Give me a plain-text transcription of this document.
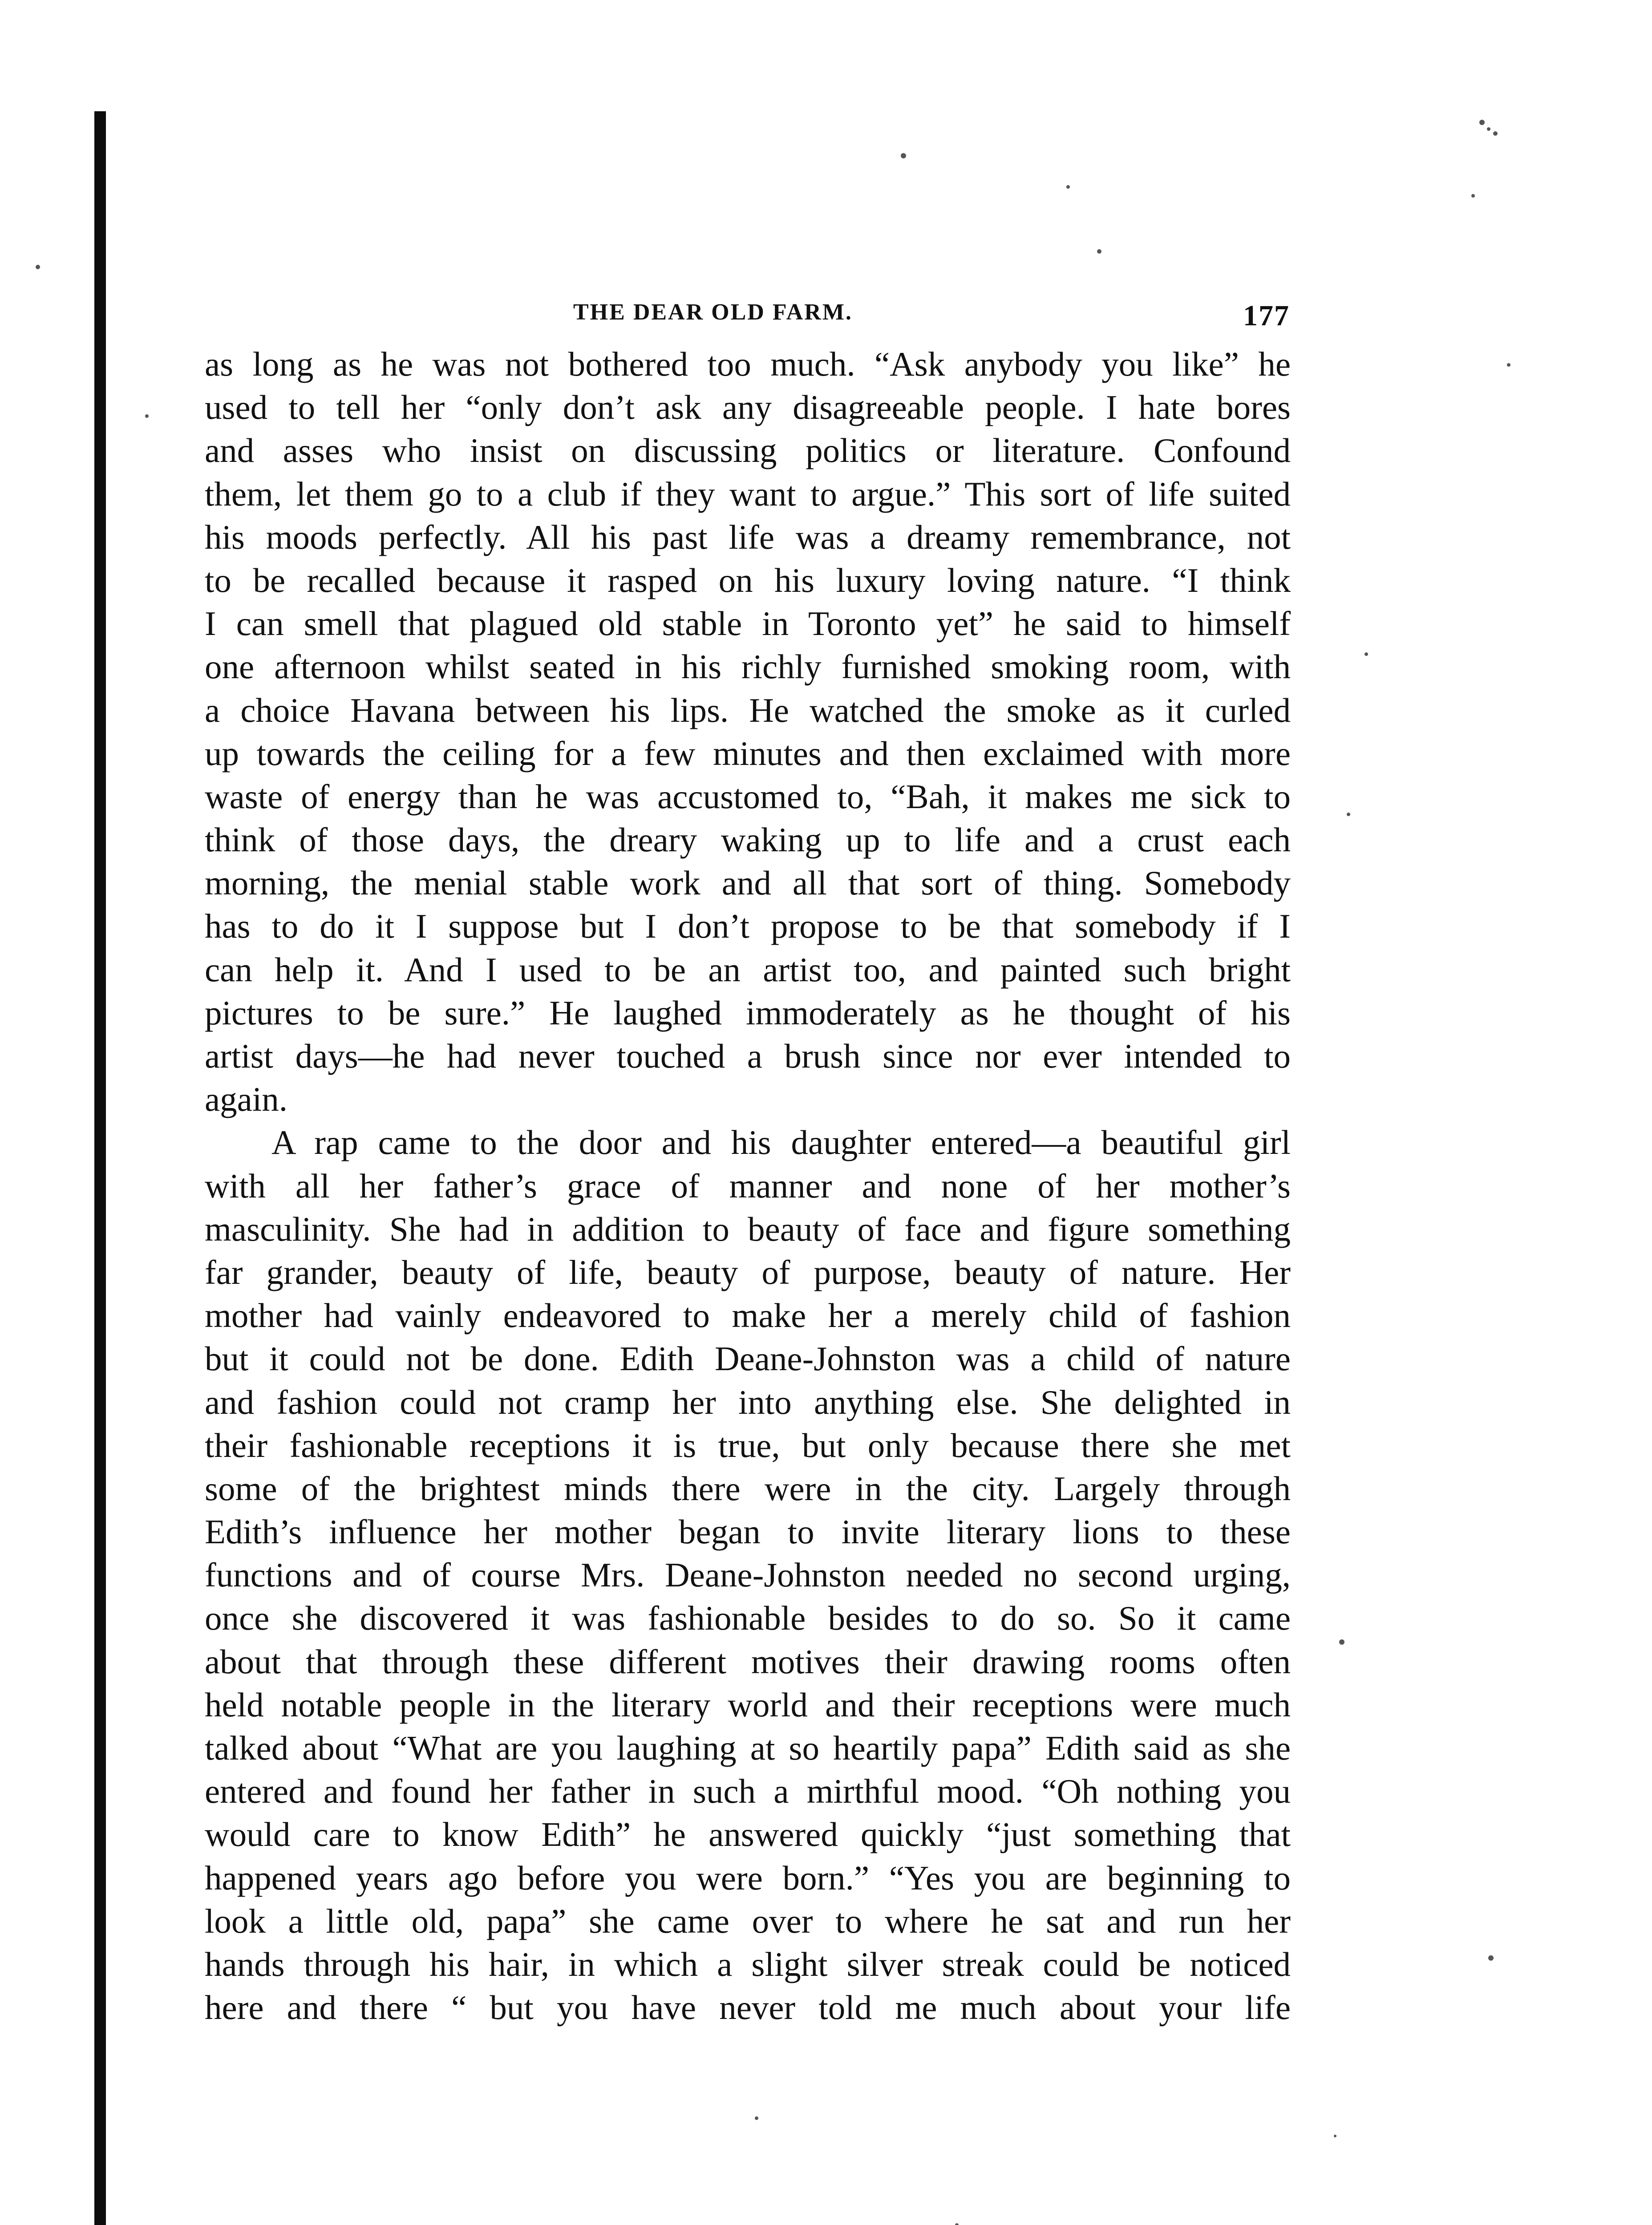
THE DEAR OLD FARM.	177
as long as he was not bothered too much. “Ask anybody you like” he
used to tell her “only don’t ask any disagreeable people. I hate bores
and asses who insist on discussing politics or literature. Confound
them, let them go to a club if they want to argue.” This sort of life suited
his moods perfectly. All his past life was a dreamy remembrance, not
to be recalled because it rasped on his luxury loving nature. “I think
I can smell that plagued old stable in Toronto yet” he said to himself
one afternoon whilst seated in his richly furnished smoking room, with
a choice Havana between his lips. He watched the smoke as it curled
up towards the ceiling for a few minutes and then exclaimed with more
waste of energy than he was accustomed to, “Bah, it makes me sick to
think of those days, the dreary waking up to life and a crust each
morning, the menial stable work and all that sort of thing. Somebody
has to do it I suppose but I don’t propose to be that somebody if I
can help it. And I used to be an artist too, and painted such bright
pictures to be sure.” He laughed immoderately as he thought of his
artist days—he had never touched a brush since nor ever intended to
again.
A rap came to the door and his daughter entered—a beautiful girl
with all her father’s grace of manner and none of her mother’s
masculinity. She had in addition to beauty of face and figure something
far grander, beauty of life, beauty of purpose, beauty of nature. Her
mother had vainly endeavored to make her a merely child of fashion
but it could not be done. Edith Deane-Johnston was a child of nature
and fashion could not cramp her into anything else. She delighted in
their fashionable receptions it is true, but only because there she met
some of the brightest minds there were in the city. Largely through
Edith’s influence her mother began to invite literary lions to these
functions and of course Mrs. Deane-Johnston needed no second urging,
once she discovered it was fashionable besides to do so. So it came
about that through these different motives their drawing rooms often
held notable people in the literary world and their receptions were much
talked about “What are you laughing at so heartily papa” Edith said as she
entered and found her father in such a mirthful mood. “Oh nothing you
would care to know Edith” he answered quickly “just something that
happened years ago before you were born.” “Yes you are beginning to
look a little old, papa” she came over to where he sat and run her
hands through his hair, in which a slight silver streak could be noticed
here and there “ but you have never told me much about your life
